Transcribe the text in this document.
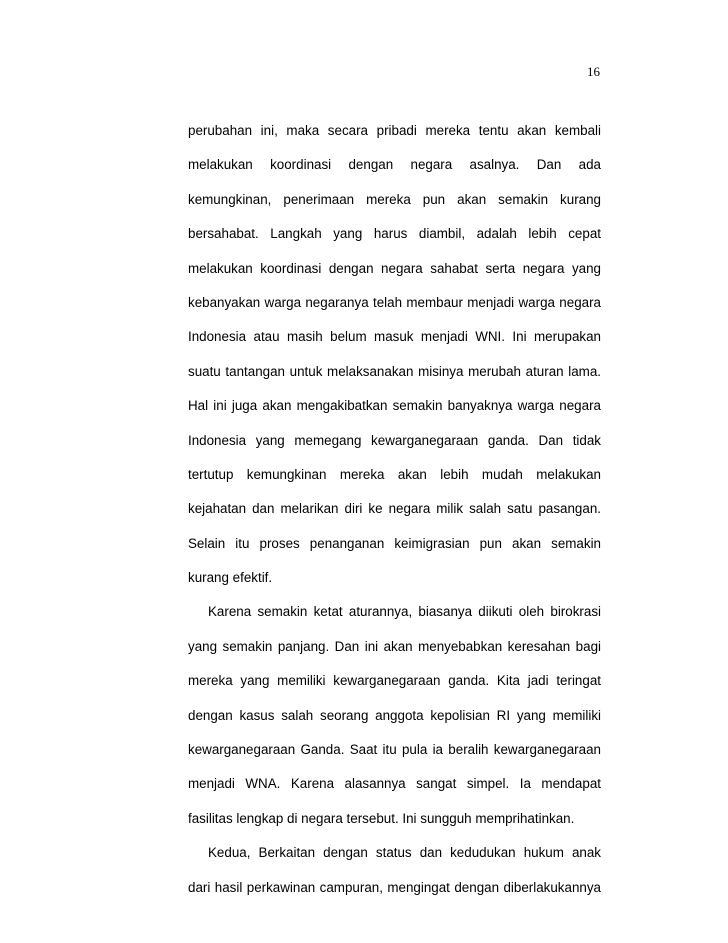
16
perubahan ini, maka secara pribadi mereka tentu akan kembali
melakukan koordinasi dengan negara asalnya. Dan ada
kemungkinan, penerimaan mereka pun akan semakin kurang
bersahabat. Langkah yang harus diambil, adalah lebih cepat
melakukan koordinasi dengan negara sahabat serta negara yang
kebanyakan warga negaranya telah membaur menjadi warga negara
Indonesia atau masih belum masuk menjadi WNI. Ini merupakan
suatu tantangan untuk melaksanakan misinya merubah aturan lama.
Hal ini juga akan mengakibatkan semakin banyaknya warga negara
Indonesia yang memegang kewarganegaraan ganda. Dan tidak
tertutup kemungkinan mereka akan lebih mudah melakukan
kejahatan dan melarikan diri ke negara milik salah satu pasangan.
Selain itu proses penanganan keimigrasian pun akan semakin
kurang efektif.
Karena semakin ketat aturannya, biasanya diikuti oleh birokrasi
yang semakin panjang. Dan ini akan menyebabkan keresahan bagi
mereka yang memiliki kewarganegaraan ganda. Kita jadi teringat
dengan kasus salah seorang anggota kepolisian RI yang memiliki
kewarganegaraan Ganda. Saat itu pula ia beralih kewarganegaraan
menjadi WNA. Karena alasannya sangat simpel. Ia mendapat
fasilitas lengkap di negara tersebut. Ini sungguh memprihatinkan.
Kedua, Berkaitan dengan status dan kedudukan hukum anak
dari hasil perkawinan campuran, mengingat dengan diberlakukannya
